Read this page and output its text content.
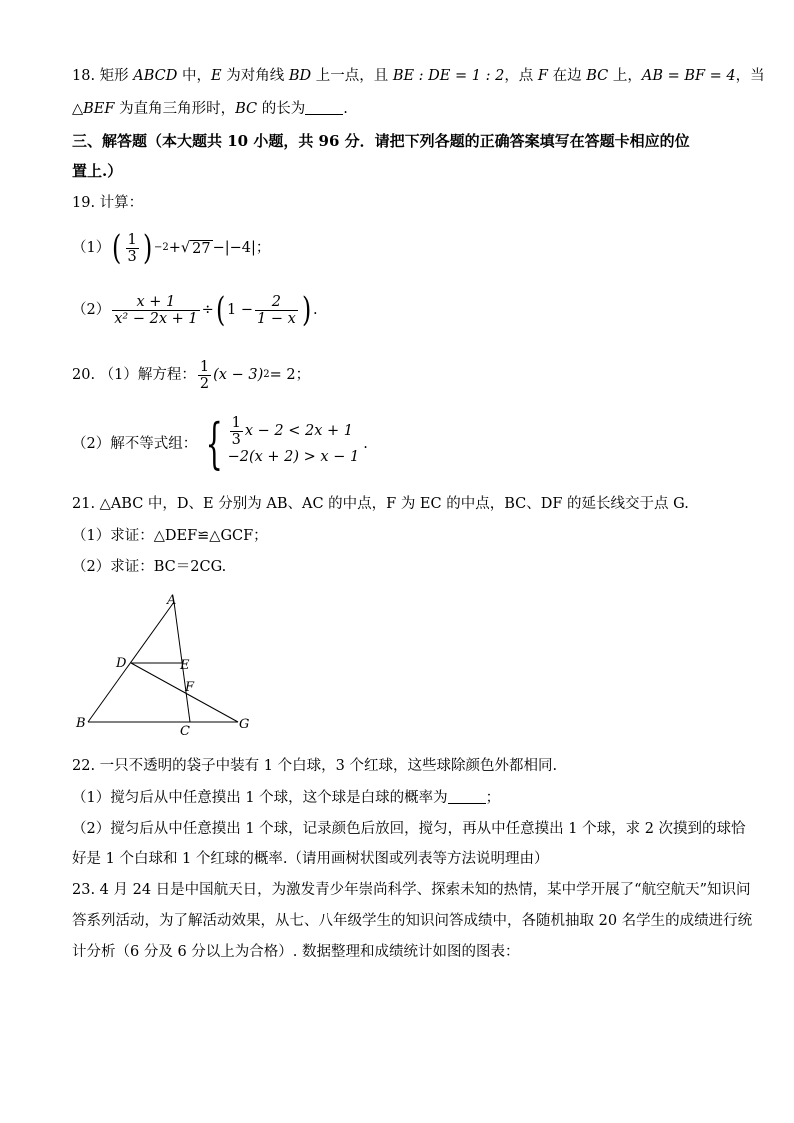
18. 矩形 ABCD 中，E 为对角线 BD 上一点，且 BE : DE = 1 : 2，点 F 在边 BC 上，AB = BF = 4，当
△BEF 为直角三角形时，BC 的长为	.
三、解答题（本大题共 10 小题，共 96 分．请把下列各题的正确答案填写在答题卡相应的位
置上.）
19. 计算：
（1） ( $\frac{1}{3}$ ) −2 + √ 27 − |−4| ；
$(2) \frac{x + 1}{\text{x² − 2x + 1}}$ ÷ ( $1 - \frac{2}{1 - x}$ ) .
20. （1）解方程： $\frac{1}{2} (x - 3) 2 = 2$ ；
（2）解不等式组： { $\frac{1}{3}$ x − 2 < 2x + 1
−2(x + 2) > x − 1
.
21. △ABC 中，D、E 分别为 AB、AC 的中点，F 为 EC 的中点，BC、DF 的延长线交于点 G.
（1）求证：△DEF≌△GCF；
（2）求证：BC＝2CG.
A
B
C
D	E
F
G
22. 一只不透明的袋子中装有 1 个白球，3 个红球，这些球除颜色外都相同.
（1）搅匀后从中任意摸出 1 个球，这个球是白球的概率为	；
（2）搅匀后从中任意摸出 1 个球，记录颜色后放回，搅匀，再从中任意摸出 1 个球，求 2 次摸到的球恰
好是 1 个白球和 1 个红球的概率.（请用画树状图或列表等方法说明理由）
23. 4 月 24 日是中国航天日，为激发青少年崇尚科学、探索未知的热情，某中学开展了“航空航天”知识问
答系列活动，为了解活动效果，从七、八年级学生的知识问答成绩中，各随机抽取 20 名学生的成绩进行统
计分析（6 分及 6 分以上为合格）. 数据整理和成绩统计如图的图表：
